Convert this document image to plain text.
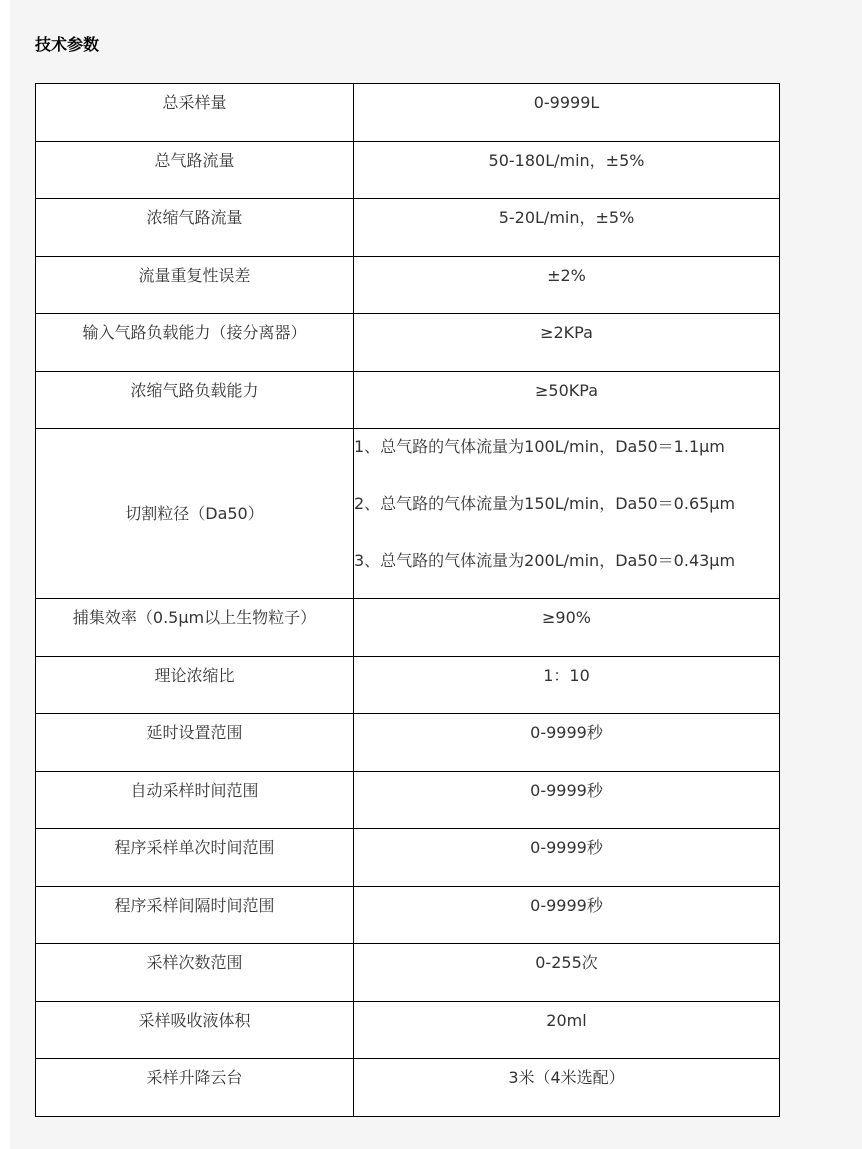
技术参数
总采样量	0-9999L
总气路流量	50-180L/min，±5%
浓缩气路流量	5-20L/min，±5%
流量重复性误差	±2%
输入气路负载能力（接分离器）	≥2KPa
浓缩气路负载能力	≥50KPa
切割粒径（Da50）	1、总气路的气体流量为100L/min，Da50＝1.1μm
2、总气路的气体流量为150L/min，Da50＝0.65μm
3、总气路的气体流量为200L/min，Da50＝0.43μm

捕集效率（0.5μm以上生物粒子）	≥90%
理论浓缩比	1：10
延时设置范围	0-9999秒
自动采样时间范围	0-9999秒
程序采样单次时间范围	0-9999秒
程序采样间隔时间范围	0-9999秒
采样次数范围	0-255次
采样吸收液体积	20ml
采样升降云台	3米（4米选配）
